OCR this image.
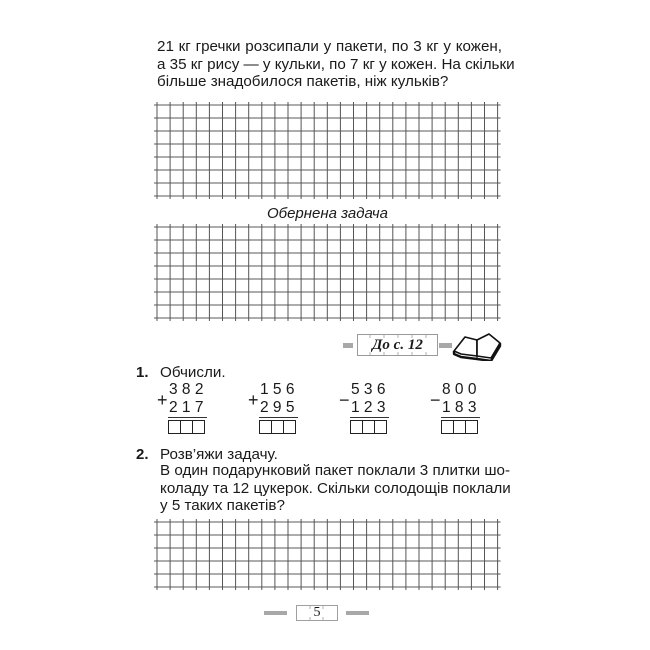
21 кг гречки розсипали у пакети, по 3 кг у кожен,
а 35 кг рису — у кульки, по 7 кг у кожен. На скільки
більше знадобилося пакетів, ніж кульків?
Обернена задача
До с. 12
1. Обчисли.
+
382
217 +
156
295 −
536
123 −
800
183
2. Розв’яжи задачу.
В один подарунковий пакет поклали 3 плитки шо-
коладу та 12 цукерок. Скільки солодощів поклали
у 5 таких пакетів?
5
